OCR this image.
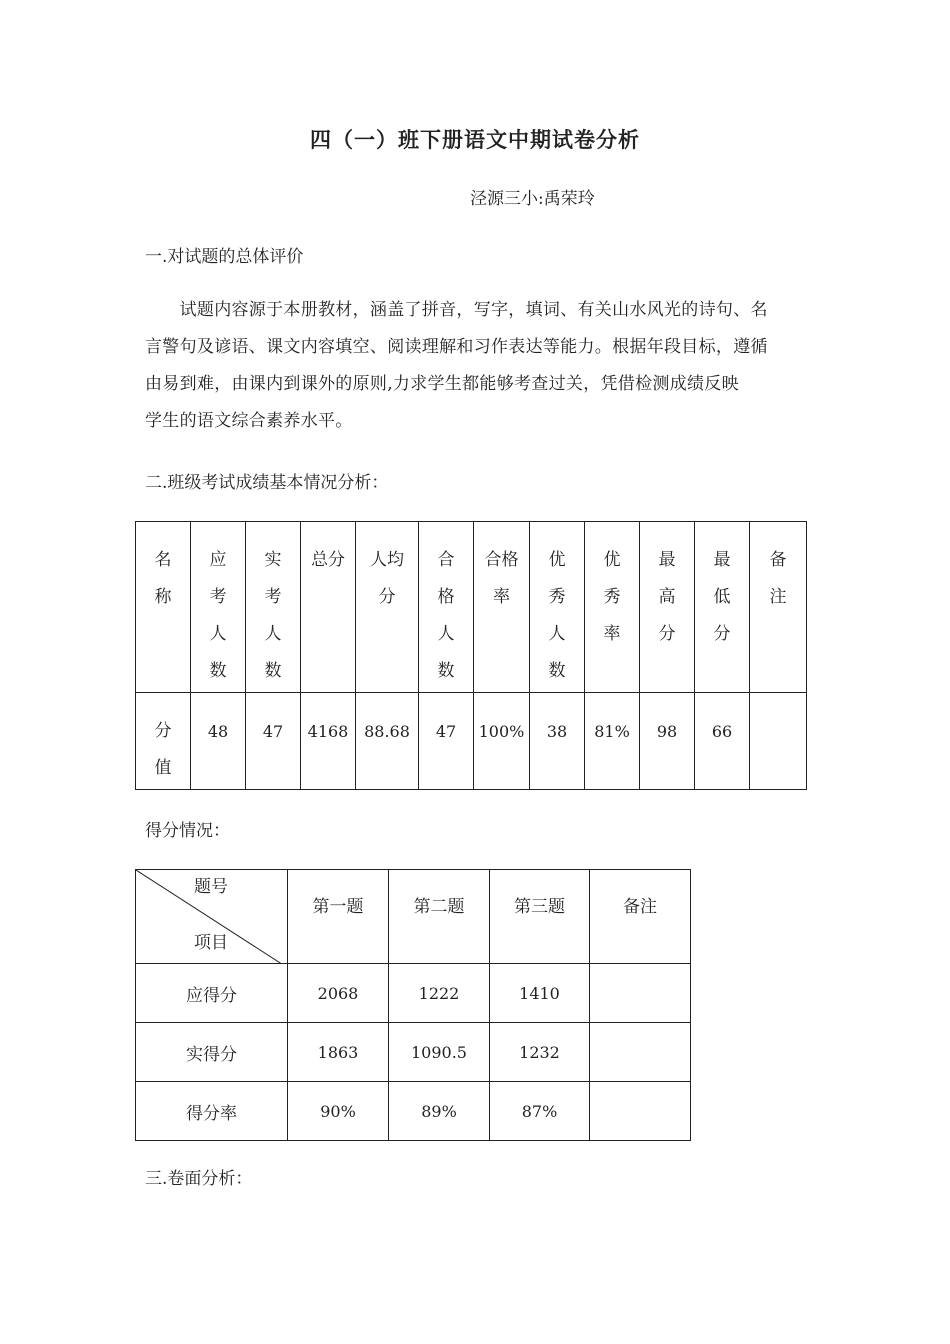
四（一）班下册语文中期试卷分析
泾源三小:禹荣玲
一.对试题的总体评价
　　试题内容源于本册教材，涵盖了拼音，写字，填词、有关山水风光的诗句、名
言警句及谚语、课文内容填空、阅读理解和习作表达等能力。根据年段目标，遵循
由易到难，由课内到课外的原则,力求学生都能够考查过关，凭借检测成绩反映
学生的语文综合素养水平。
二.班级考试成绩基本情况分析：
名称	应考人数	实考人数	总分	人均分	合格人数	合格率	优秀人数	优秀率	最高分	最低分	备注

分值	48	47	4168	88.68	47	100%	38	81%	98	66	

得分情况：
题号
项目	第一题	第二题	第三题	备注

应得分	2068	1222	1410	
实得分	1863	1090.5	1232	
得分率	90%	89%	87%	
三.卷面分析：
